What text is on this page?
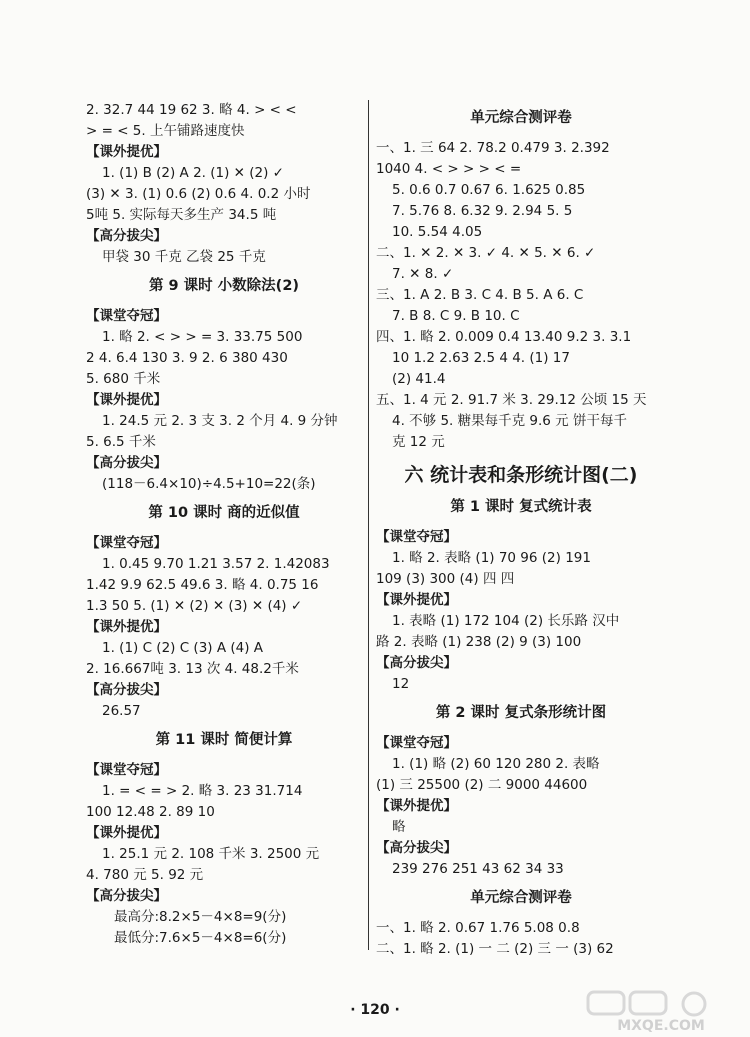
2. 32.7 44 19 62 3. 略 4. > < <
> = < 5. 上午铺路速度快
【课外提优】
1. (1) B (2) A 2. (1) ✕ (2) ✓
(3) ✕ 3. (1) 0.6 (2) 0.6 4. 0.2 小时
5吨 5. 实际每天多生产 34.5 吨
【高分拔尖】
甲袋 30 千克 乙袋 25 千克
第 9 课时 小数除法(2)
【课堂夺冠】
1. 略 2. < > > = 3. 33.75 500
2 4. 6.4 130 3. 9 2. 6 380 430
5. 680 千米
【课外提优】
1. 24.5 元 2. 3 支 3. 2 个月 4. 9 分钟
5. 6.5 千米
【高分拔尖】
(118－6.4×10)÷4.5+10=22(条)
第 10 课时 商的近似值
【课堂夺冠】
1. 0.45 9.70 1.21 3.57 2. 1.42083
1.42 9.9 62.5 49.6 3. 略 4. 0.75 16
1.3 50 5. (1) ✕ (2) ✕ (3) ✕ (4) ✓
【课外提优】
1. (1) C (2) C (3) A (4) A
2. 16.667吨 3. 13 次 4. 48.2千米
【高分拔尖】
26.57
第 11 课时 简便计算
【课堂夺冠】
1. = < = > 2. 略 3. 23 31.714
100 12.48 2. 89 10
【课外提优】
1. 25.1 元 2. 108 千米 3. 2500 元
4. 780 元 5. 92 元
【高分拔尖】
最高分:8.2×5－4×8=9(分)
最低分:7.6×5－4×8=6(分)
单元综合测评卷
一、1. 三 64 2. 78.2 0.479 3. 2.392
1040 4. < > > > < =
5. 0.6 0.7 0.67 6. 1.625 0.85
7. 5.76 8. 6.32 9. 2.94 5. 5
10. 5.54 4.05
二、1. ✕ 2. ✕ 3. ✓ 4. ✕ 5. ✕ 6. ✓
7. ✕ 8. ✓
三、1. A 2. B 3. C 4. B 5. A 6. C
7. B 8. C 9. B 10. C
四、1. 略 2. 0.009 0.4 13.40 9.2 3. 3.1
10 1.2 2.63 2.5 4 4. (1) 17
(2) 41.4
五、1. 4 元 2. 91.7 米 3. 29.12 公顷 15 天
4. 不够 5. 糖果每千克 9.6 元 饼干每千
克 12 元
六 统计表和条形统计图(二)
第 1 课时 复式统计表
【课堂夺冠】
1. 略 2. 表略 (1) 70 96 (2) 191
109 (3) 300 (4) 四 四
【课外提优】
1. 表略 (1) 172 104 (2) 长乐路 汉中
路 2. 表略 (1) 238 (2) 9 (3) 100
【高分拔尖】
12
第 2 课时 复式条形统计图
【课堂夺冠】
1. (1) 略 (2) 60 120 280 2. 表略
(1) 三 25500 (2) 二 9000 44600
【课外提优】
略
【高分拔尖】
239 276 251 43 62 34 33
单元综合测评卷
一、1. 略 2. 0.67 1.76 5.08 0.8
二、1. 略 2. (1) 一 二 (2) 三 一 (3) 62
· 120 ·
MXQE.COM
